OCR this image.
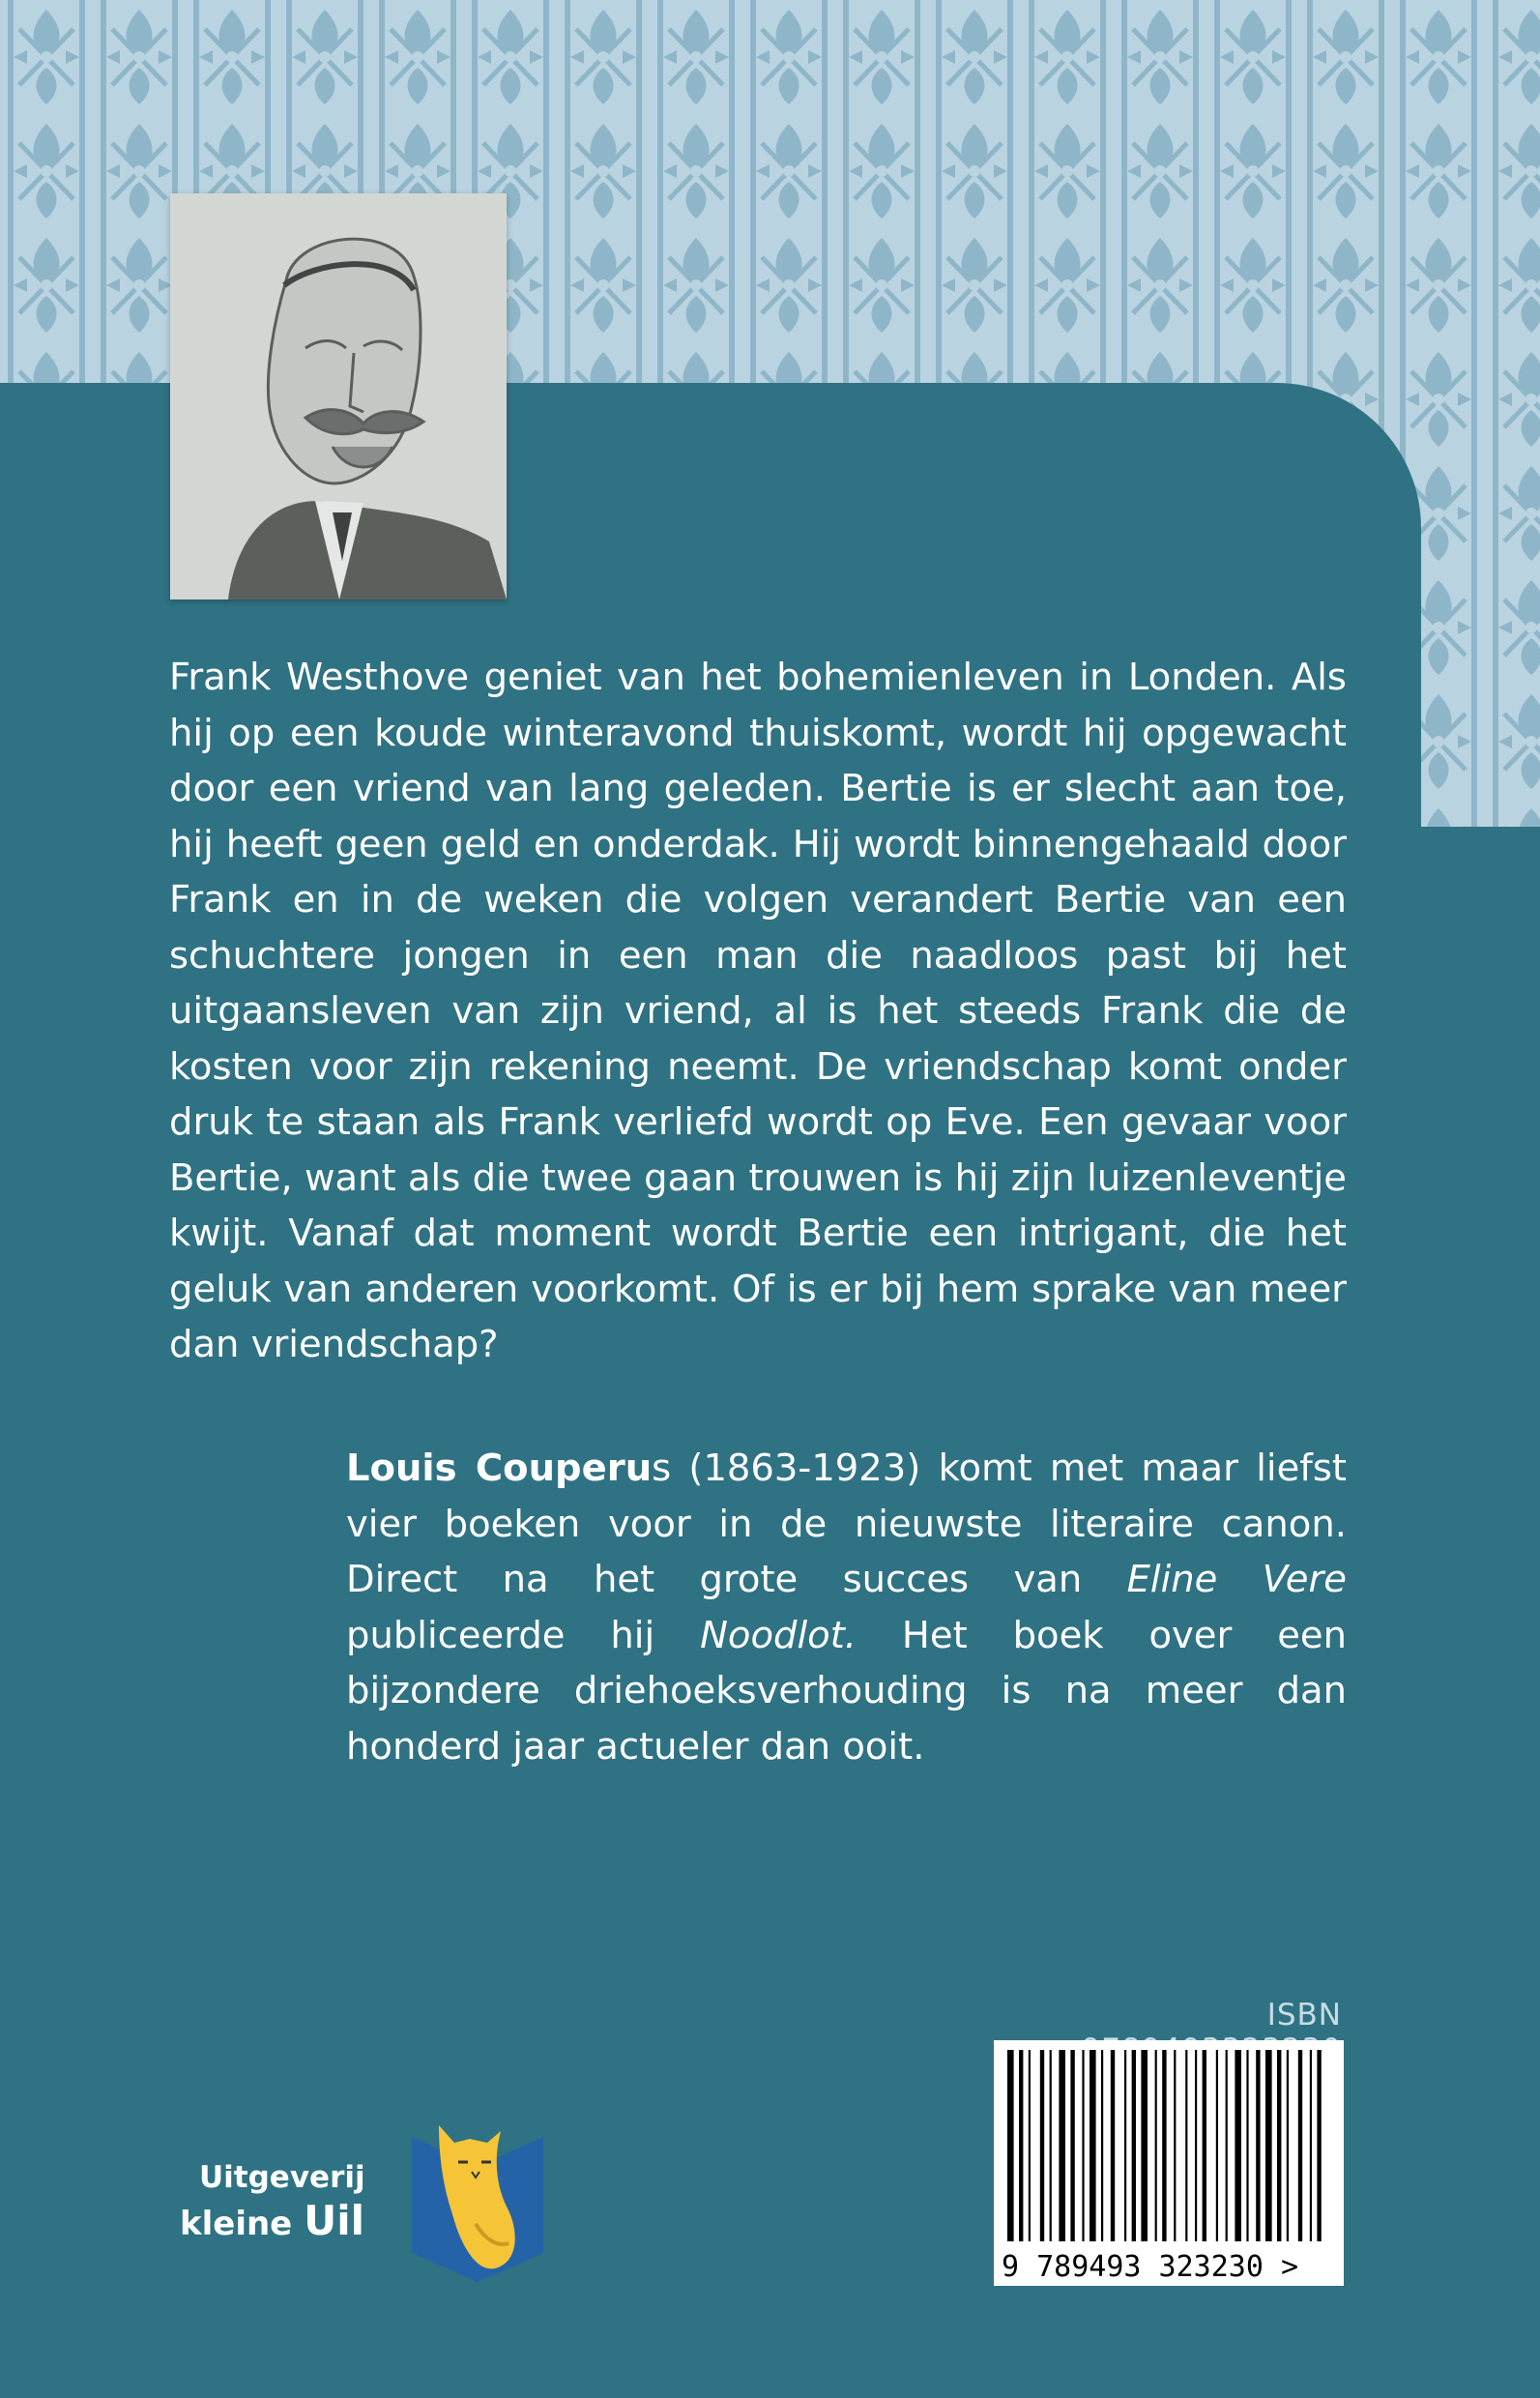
Frank Westhove geniet van het bohemienleven in Londen. Als hij op een koude winteravond thuiskomt, wordt hij opgewacht door een vriend van lang geleden. Bertie is er slecht aan toe, hij heeft geen geld en onderdak. Hij wordt binnengehaald door Frank en in de weken die volgen verandert Bertie van een schuchtere jongen in een man die naadloos past bij het uitgaansleven van zijn vriend, al is het steeds Frank die de kosten voor zijn rekening neemt. De vriendschap komt onder druk te staan als Frank verliefd wordt op Eve. Een gevaar voor Bertie, want als die twee gaan trouwen is hij zijn luizenleventje kwijt. Vanaf dat moment wordt Bertie een intrigant, die het geluk van anderen voorkomt. Of is er bij hem sprake van meer dan vriendschap?

Louis Couperus (1863-1923) komt met maar liefst vier boeken voor in de nieuwste literaire canon. Direct na het grote succes van Eline Vere publiceerde hij Noodlot. Het boek over een bijzondere driehoeksverhouding is na meer dan honderd jaar actueler dan ooit.

ISBN
9 789493 323230 >
Uitgeverij
kleine Uil
